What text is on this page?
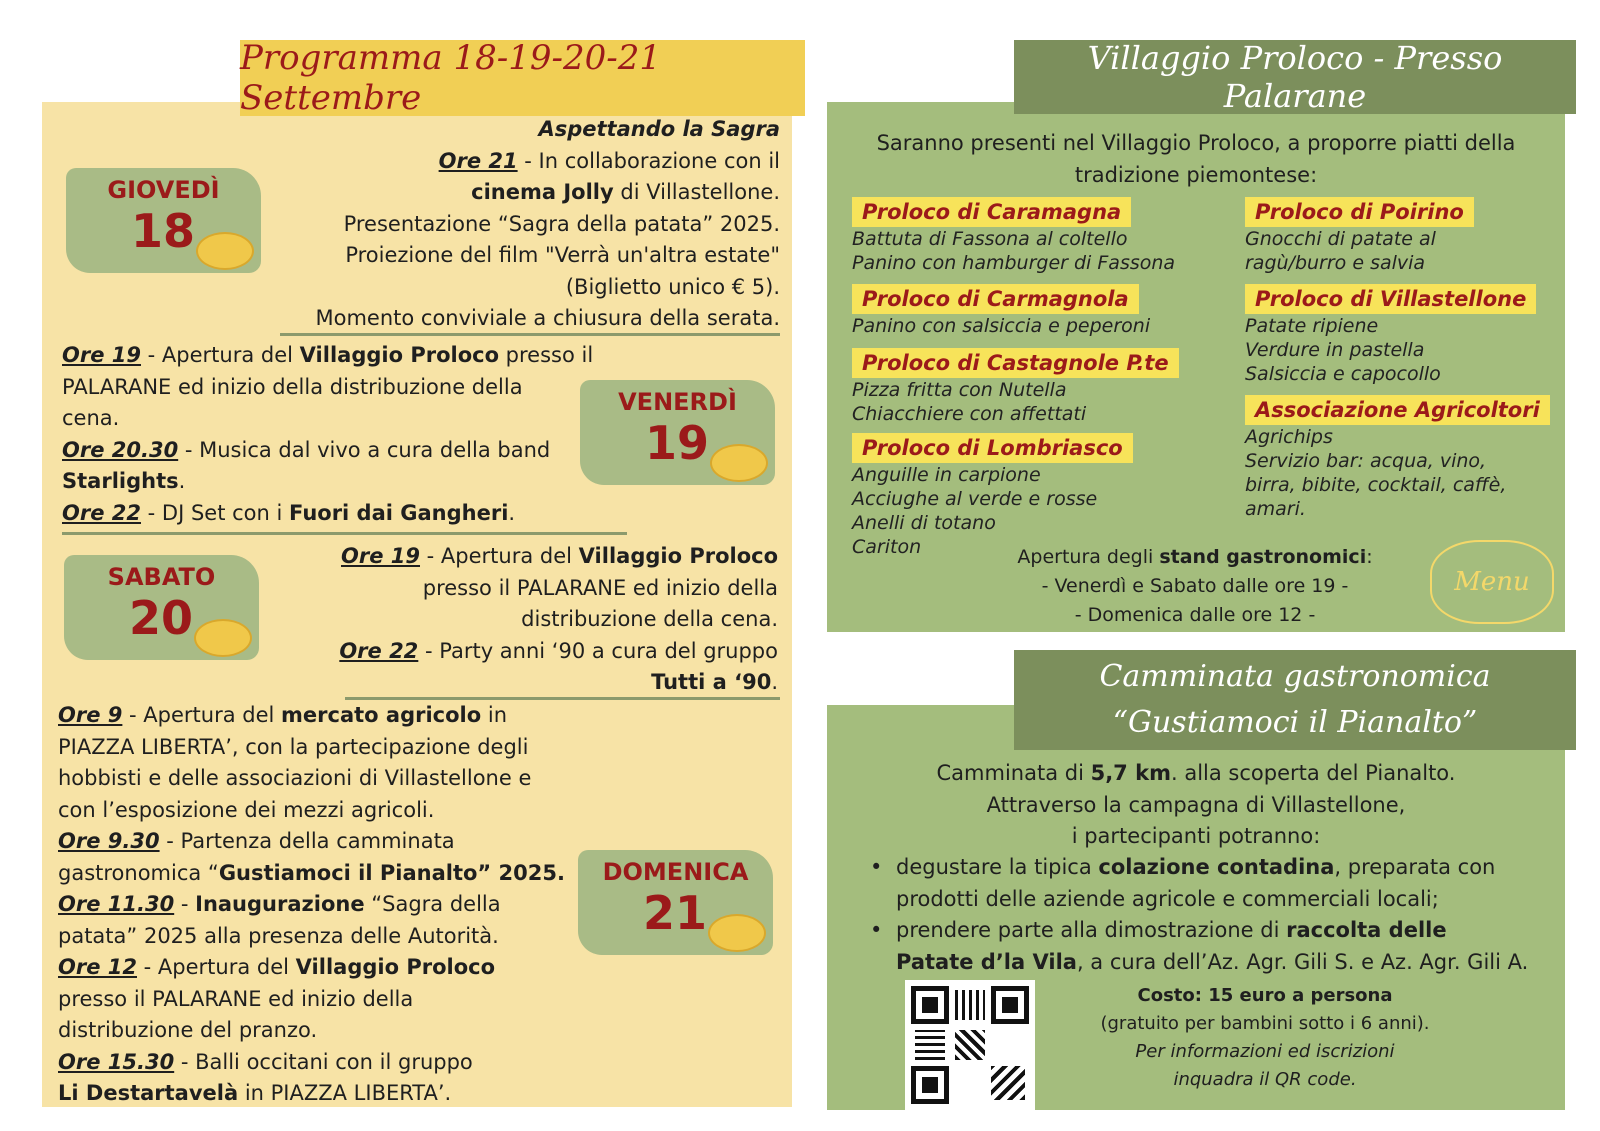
Programma 18-19-20-21 Settembre
GIOVEDÌ
18
Aspettando la Sagra
Ore 21 - In collaborazione con il
cinema Jolly di Villastellone.
Presentazione “Sagra della patata” 2025.
Proiezione del film "Verrà un'altra estate"
(Biglietto unico € 5).
Momento conviviale a chiusura della serata.
VENERDÌ
19
Ore 19 - Apertura del Villaggio Proloco presso il
PALARANE ed inizio della distribuzione della
cena.
Ore 20.30 - Musica dal vivo a cura della band
Starlights.
Ore 22 - DJ Set con i Fuori dai Gangheri.
SABATO
20
Ore 19 - Apertura del Villaggio Proloco
presso il PALARANE ed inizio della
distribuzione della cena.
Ore 22 - Party anni ‘90 a cura del gruppo
Tutti a ‘90.
DOMENICA
21
Ore 9 - Apertura del mercato agricolo in
PIAZZA LIBERTA’, con la partecipazione degli
hobbisti e delle associazioni di Villastellone e
con l’esposizione dei mezzi agricoli.
Ore 9.30 - Partenza della camminata
gastronomica “Gustiamoci il Pianalto” 2025.
Ore 11.30 - Inaugurazione “Sagra della
patata” 2025 alla presenza delle Autorità.
Ore 12 - Apertura del Villaggio Proloco
presso il PALARANE ed inizio della
distribuzione del pranzo.
Ore 15.30 - Balli occitani con il gruppo
Li Destartavelà in PIAZZA LIBERTA’.
Villaggio Proloco - Presso Palarane
Saranno presenti nel Villaggio Proloco, a proporre piatti della
tradizione piemontese:
Proloco di Caramagna
Battuta di Fassona al coltello
Panino con hamburger di Fassona
Proloco di Carmagnola
Panino con salsiccia e peperoni
Proloco di Castagnole P.te
Pizza fritta con Nutella
Chiacchiere con affettati
Proloco di Lombriasco
Anguille in carpione
Acciughe al verde e rosse
Anelli di totano
Cariton
Proloco di Poirino
Gnocchi di patate al
ragù/burro e salvia
Proloco di Villastellone
Patate ripiene
Verdure in pastella
Salsiccia e capocollo
Associazione Agricoltori
Agrichips
Servizio bar: acqua, vino,
birra, bibite, cocktail, caffè,
amari.
Apertura degli stand gastronomici:
- Venerdì e Sabato dalle ore 19 -
- Domenica dalle ore 12 -
Menu
Camminata gastronomica
“Gustiamoci il Pianalto”
Camminata di 5,7 km. alla scoperta del Pianalto.
Attraverso la campagna di Villastellone,
i partecipanti potranno:
• degustare la tipica colazione contadina, preparata con
prodotti delle aziende agricole e commerciali locali;
• prendere parte alla dimostrazione di raccolta delle
Patate d’la Vila, a cura dell’Az. Agr. Gili S. e Az. Agr. Gili A.
Costo: 15 euro a persona
(gratuito per bambini sotto i 6 anni).
Per informazioni ed iscrizioni
inquadra il QR code.
